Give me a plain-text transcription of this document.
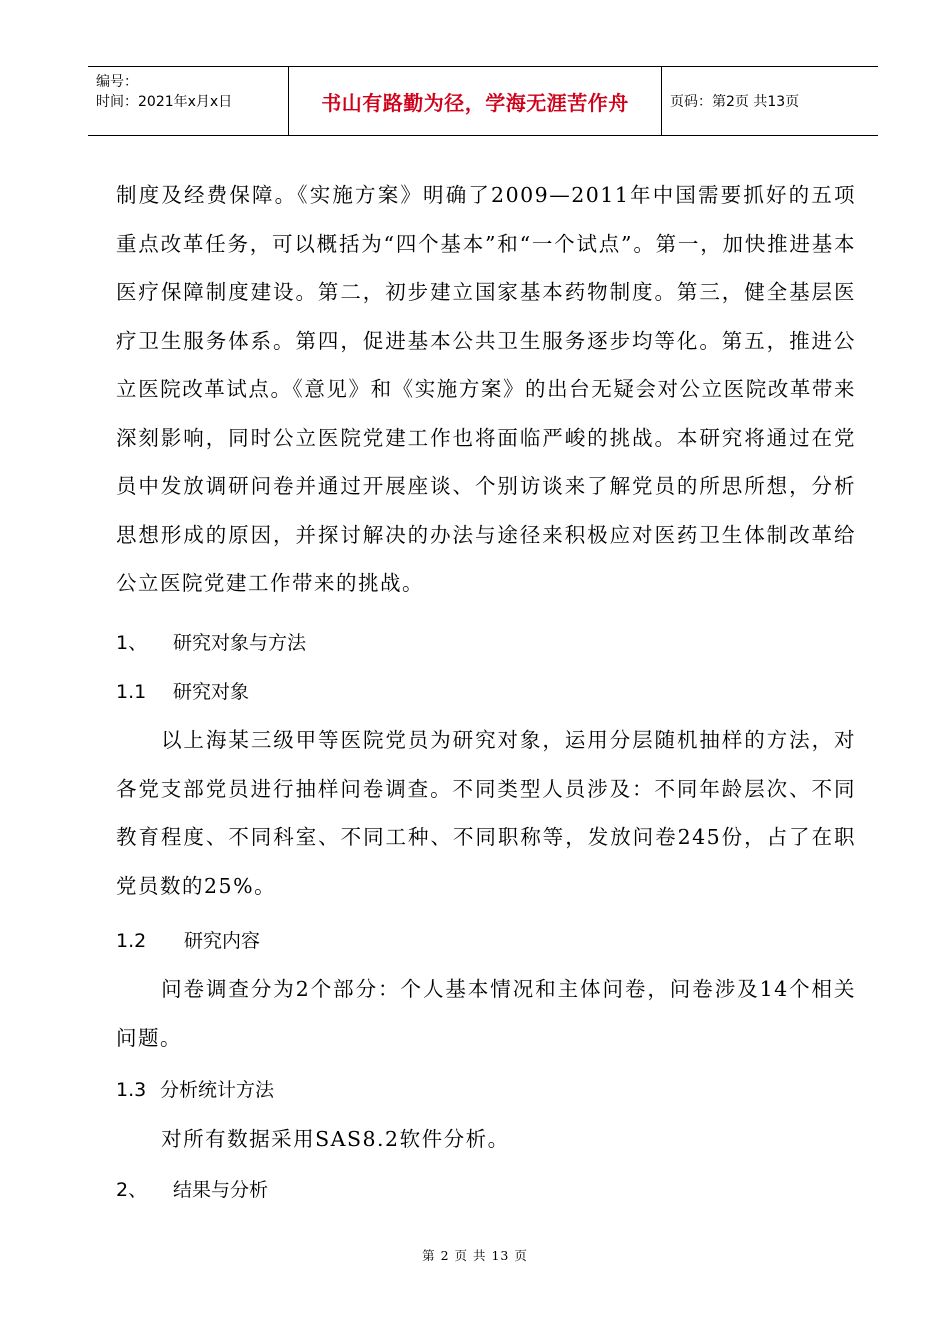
编号：
时间：2021年x月x日	书山有路勤为径，学海无涯苦作舟	页码：第2页 共13页

制度及经费保障。《实施方案》明确了2009—2011年中国需要抓好的五项重点改革任务，可以概括为“四个基本”和“一个试点”。第一，加快推进基本医疗保障制度建设。第二，初步建立国家基本药物制度。第三，健全基层医疗卫生服务体系。第四，促进基本公共卫生服务逐步均等化。第五，推进公立医院改革试点。《意见》和《实施方案》的出台无疑会对公立医院改革带来深刻影响，同时公立医院党建工作也将面临严峻的挑战。本研究将通过在党员中发放调研问卷并通过开展座谈、个别访谈来了解党员的所思所想，分析思想形成的原因，并探讨解决的办法与途径来积极应对医药卫生体制改革给公立医院党建工作带来的挑战。

1、 研究对象与方法
1.1 研究对象

以上海某三级甲等医院党员为研究对象，运用分层随机抽样的方法，对各党支部党员进行抽样问卷调查。不同类型人员涉及：不同年龄层次、不同教育程度、不同科室、不同工种、不同职称等，发放问卷245份，占了在职党员数的25%。

1.2 研究内容

问卷调查分为2个部分：个人基本情况和主体问卷，问卷涉及14个相关问题。

1.3 分析统计方法

对所有数据采用SAS8.2软件分析。

2、 结果与分析
第 2 页 共 13 页
